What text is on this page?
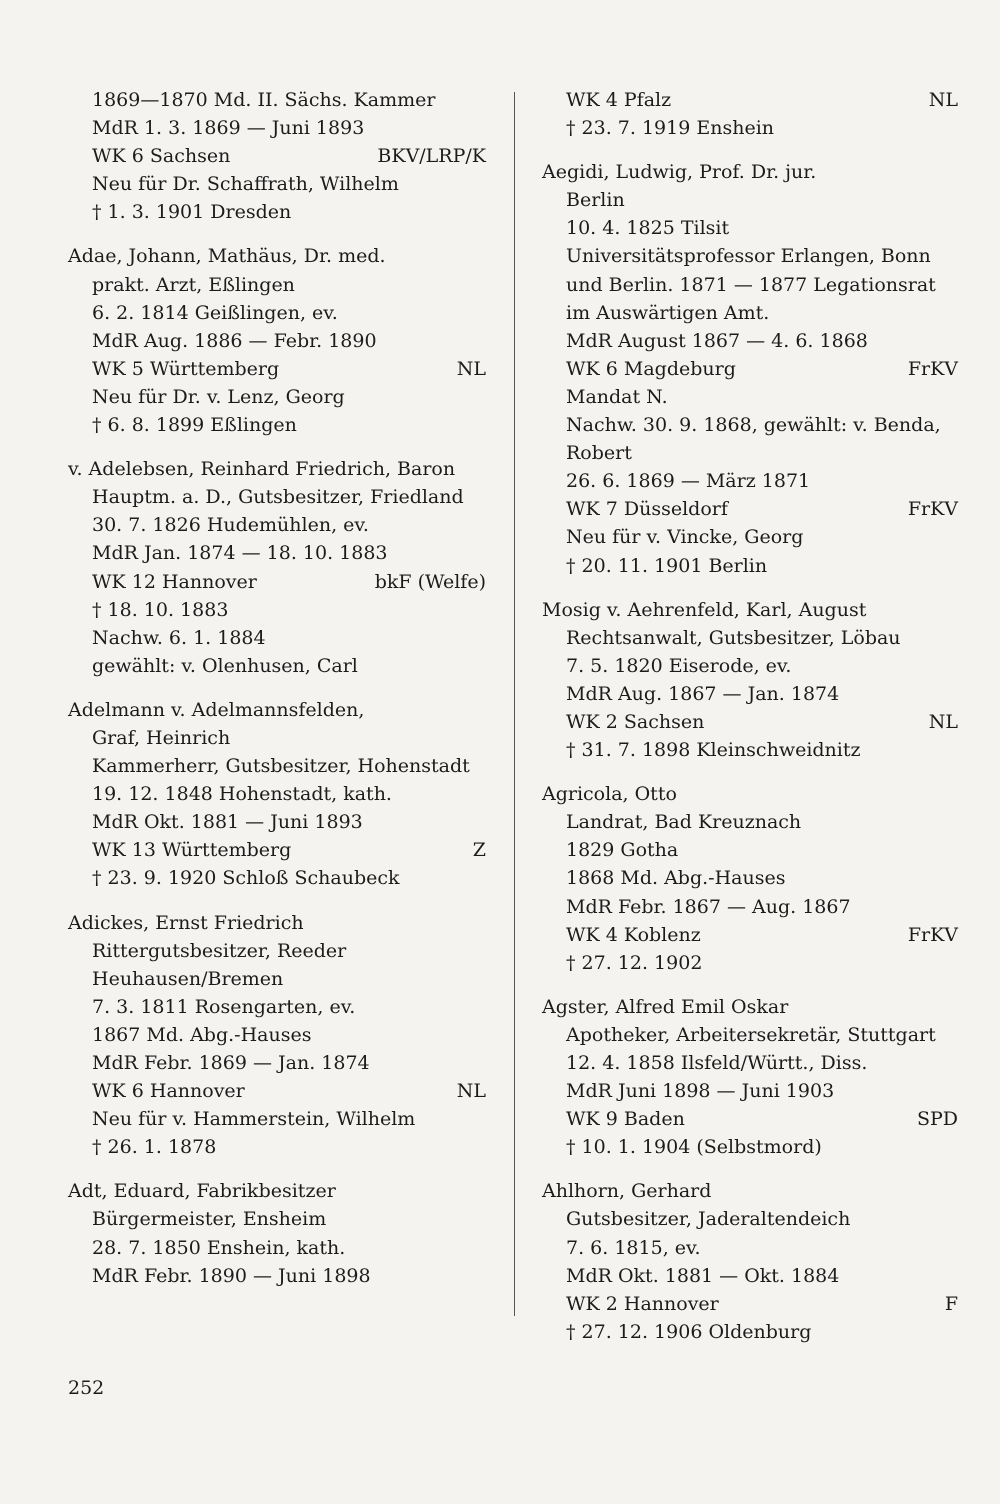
1869—1870 Md. II. Sächs. Kammer
MdR 1. 3. 1869 — Juni 1893
WK 6 Sachsen	BKV/LRP/K
Neu für Dr. Schaffrath, Wilhelm
† 1. 3. 1901 Dresden
Adae, Johann, Mathäus, Dr. med.
prakt. Arzt, Eßlingen
6. 2. 1814 Geißlingen, ev.
MdR Aug. 1886 — Febr. 1890
WK 5 Württemberg	NL
Neu für Dr. v. Lenz, Georg
† 6. 8. 1899 Eßlingen
v. Adelebsen, Reinhard Friedrich, Baron
Hauptm. a. D., Gutsbesitzer, Friedland
30. 7. 1826 Hudemühlen, ev.
MdR Jan. 1874 — 18. 10. 1883
WK 12 Hannover	bkF (Welfe)
† 18. 10. 1883
Nachw. 6. 1. 1884
gewählt: v. Olenhusen, Carl
Adelmann v. Adelmannsfelden,
Graf, Heinrich
Kammerherr, Gutsbesitzer, Hohenstadt
19. 12. 1848 Hohenstadt, kath.
MdR Okt. 1881 — Juni 1893
WK 13 Württemberg	Z
† 23. 9. 1920 Schloß Schaubeck
Adickes, Ernst Friedrich
Rittergutsbesitzer, Reeder
Heuhausen/Bremen
7. 3. 1811 Rosengarten, ev.
1867 Md. Abg.-Hauses
MdR Febr. 1869 — Jan. 1874
WK 6 Hannover	NL
Neu für v. Hammerstein, Wilhelm
† 26. 1. 1878
Adt, Eduard, Fabrikbesitzer
Bürgermeister, Ensheim
28. 7. 1850 Enshein, kath.
MdR Febr. 1890 — Juni 1898
WK 4 Pfalz	NL
† 23. 7. 1919 Enshein
Aegidi, Ludwig, Prof. Dr. jur.
Berlin
10. 4. 1825 Tilsit
Universitätsprofessor Erlangen, Bonn
und Berlin. 1871 — 1877 Legationsrat
im Auswärtigen Amt.
MdR August 1867 — 4. 6. 1868
WK 6 Magdeburg	FrKV
Mandat N.
Nachw. 30. 9. 1868, gewählt: v. Benda,
Robert
26. 6. 1869 — März 1871
WK 7 Düsseldorf	FrKV
Neu für v. Vincke, Georg
† 20. 11. 1901 Berlin
Mosig v. Aehrenfeld, Karl, August
Rechtsanwalt, Gutsbesitzer, Löbau
7. 5. 1820 Eiserode, ev.
MdR Aug. 1867 — Jan. 1874
WK 2 Sachsen	NL
† 31. 7. 1898 Kleinschweidnitz
Agricola, Otto
Landrat, Bad Kreuznach
1829 Gotha
1868 Md. Abg.-Hauses
MdR Febr. 1867 — Aug. 1867
WK 4 Koblenz	FrKV
† 27. 12. 1902
Agster, Alfred Emil Oskar
Apotheker, Arbeitersekretär, Stuttgart
12. 4. 1858 Ilsfeld/Württ., Diss.
MdR Juni 1898 — Juni 1903
WK 9 Baden	SPD
† 10. 1. 1904 (Selbstmord)
Ahlhorn, Gerhard
Gutsbesitzer, Jaderaltendeich
7. 6. 1815, ev.
MdR Okt. 1881 — Okt. 1884
WK 2 Hannover	F
† 27. 12. 1906 Oldenburg
252
